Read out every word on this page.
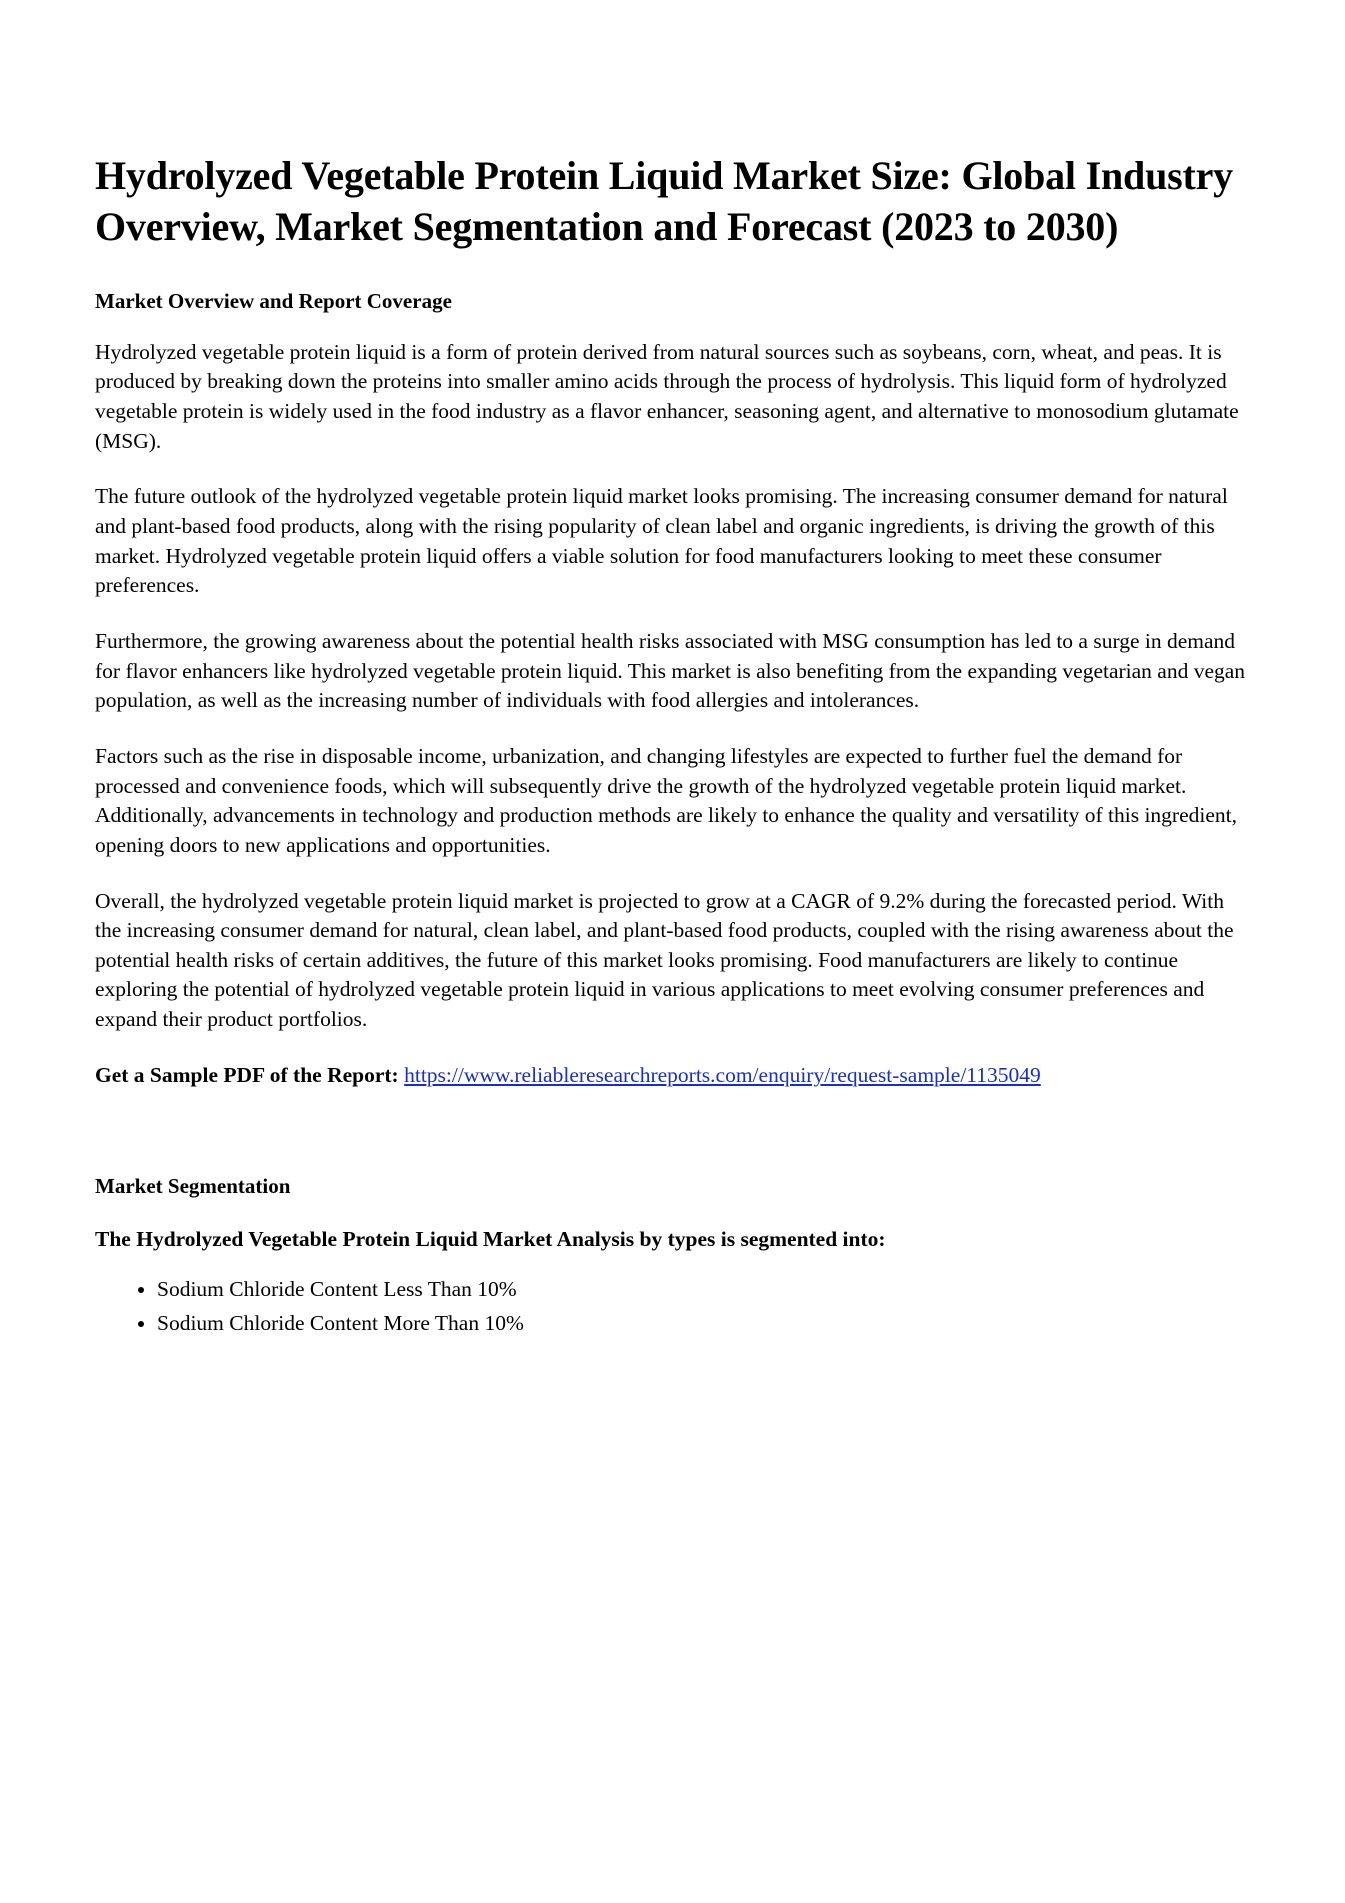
Hydrolyzed Vegetable Protein Liquid Market Size: Global Industry Overview, Market Segmentation and Forecast (2023 to 2030)
Market Overview and Report Coverage

Hydrolyzed vegetable protein liquid is a form of protein derived from natural sources such as soybeans, corn, wheat, and peas. It is produced by breaking down the proteins into smaller amino acids through the process of hydrolysis. This liquid form of hydrolyzed vegetable protein is widely used in the food industry as a flavor enhancer, seasoning agent, and alternative to monosodium glutamate (MSG).

The future outlook of the hydrolyzed vegetable protein liquid market looks promising. The increasing consumer demand for natural and plant-based food products, along with the rising popularity of clean label and organic ingredients, is driving the growth of this market. Hydrolyzed vegetable protein liquid offers a viable solution for food manufacturers looking to meet these consumer preferences.

Furthermore, the growing awareness about the potential health risks associated with MSG consumption has led to a surge in demand for flavor enhancers like hydrolyzed vegetable protein liquid. This market is also benefiting from the expanding vegetarian and vegan population, as well as the increasing number of individuals with food allergies and intolerances.

Factors such as the rise in disposable income, urbanization, and changing lifestyles are expected to further fuel the demand for processed and convenience foods, which will subsequently drive the growth of the hydrolyzed vegetable protein liquid market. Additionally, advancements in technology and production methods are likely to enhance the quality and versatility of this ingredient, opening doors to new applications and opportunities.

Overall, the hydrolyzed vegetable protein liquid market is projected to grow at a CAGR of 9.2% during the forecasted period. With the increasing consumer demand for natural, clean label, and plant-based food products, coupled with the rising awareness about the potential health risks of certain additives, the future of this market looks promising. Food manufacturers are likely to continue exploring the potential of hydrolyzed vegetable protein liquid in various applications to meet evolving consumer preferences and expand their product portfolios.

Get a Sample PDF of the Report: https://www.reliableresearchreports.com/enquiry/request-sample/1135049

Market Segmentation
The Hydrolyzed Vegetable Protein Liquid Market Analysis by types is segmented into:
• Sodium Chloride Content Less Than 10%
• Sodium Chloride Content More Than 10%
